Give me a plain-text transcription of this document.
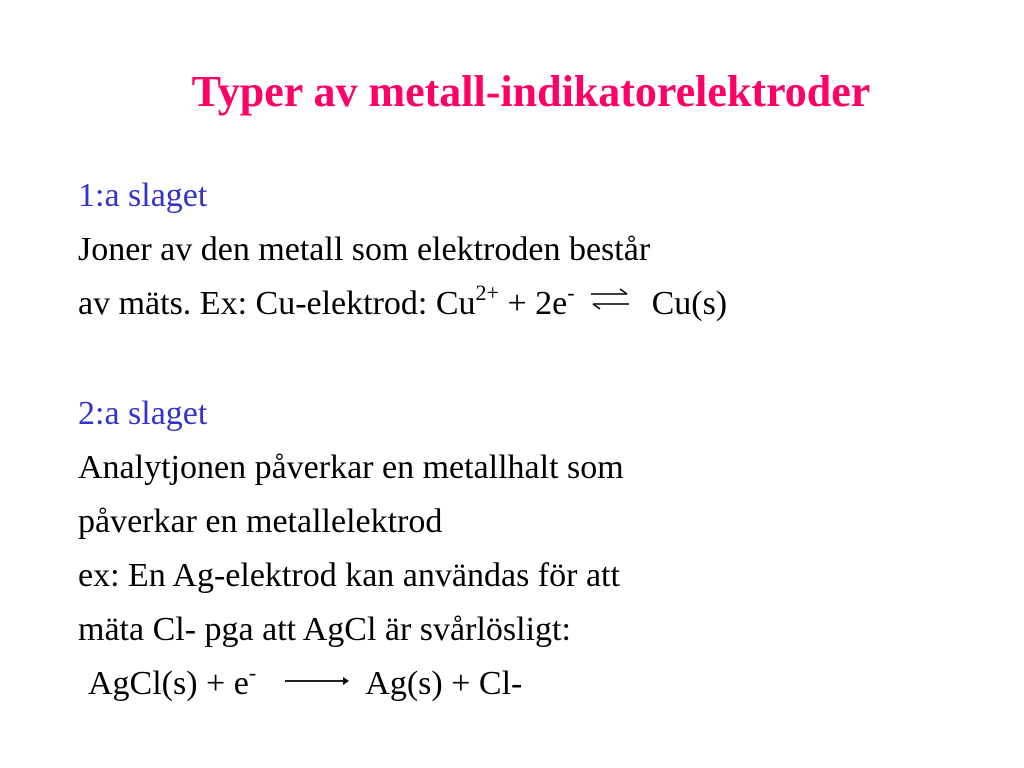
Typer av metall-indikatorelektroder
1:a slaget
Joner av den metall som elektroden består
av mäts. Ex: Cu-elektrod: $Cu^{2+} + 2e^-$ ⇌ Cu(s)
2:a slaget
Analytjonen påverkar en metallhalt som
påverkar en metallelektrod
ex: En Ag-elektrod kan användas för att
mäta Cl- pga att AgCl är svårlösligt:
AgCl(s) + e-	Ag(s) + Cl-
